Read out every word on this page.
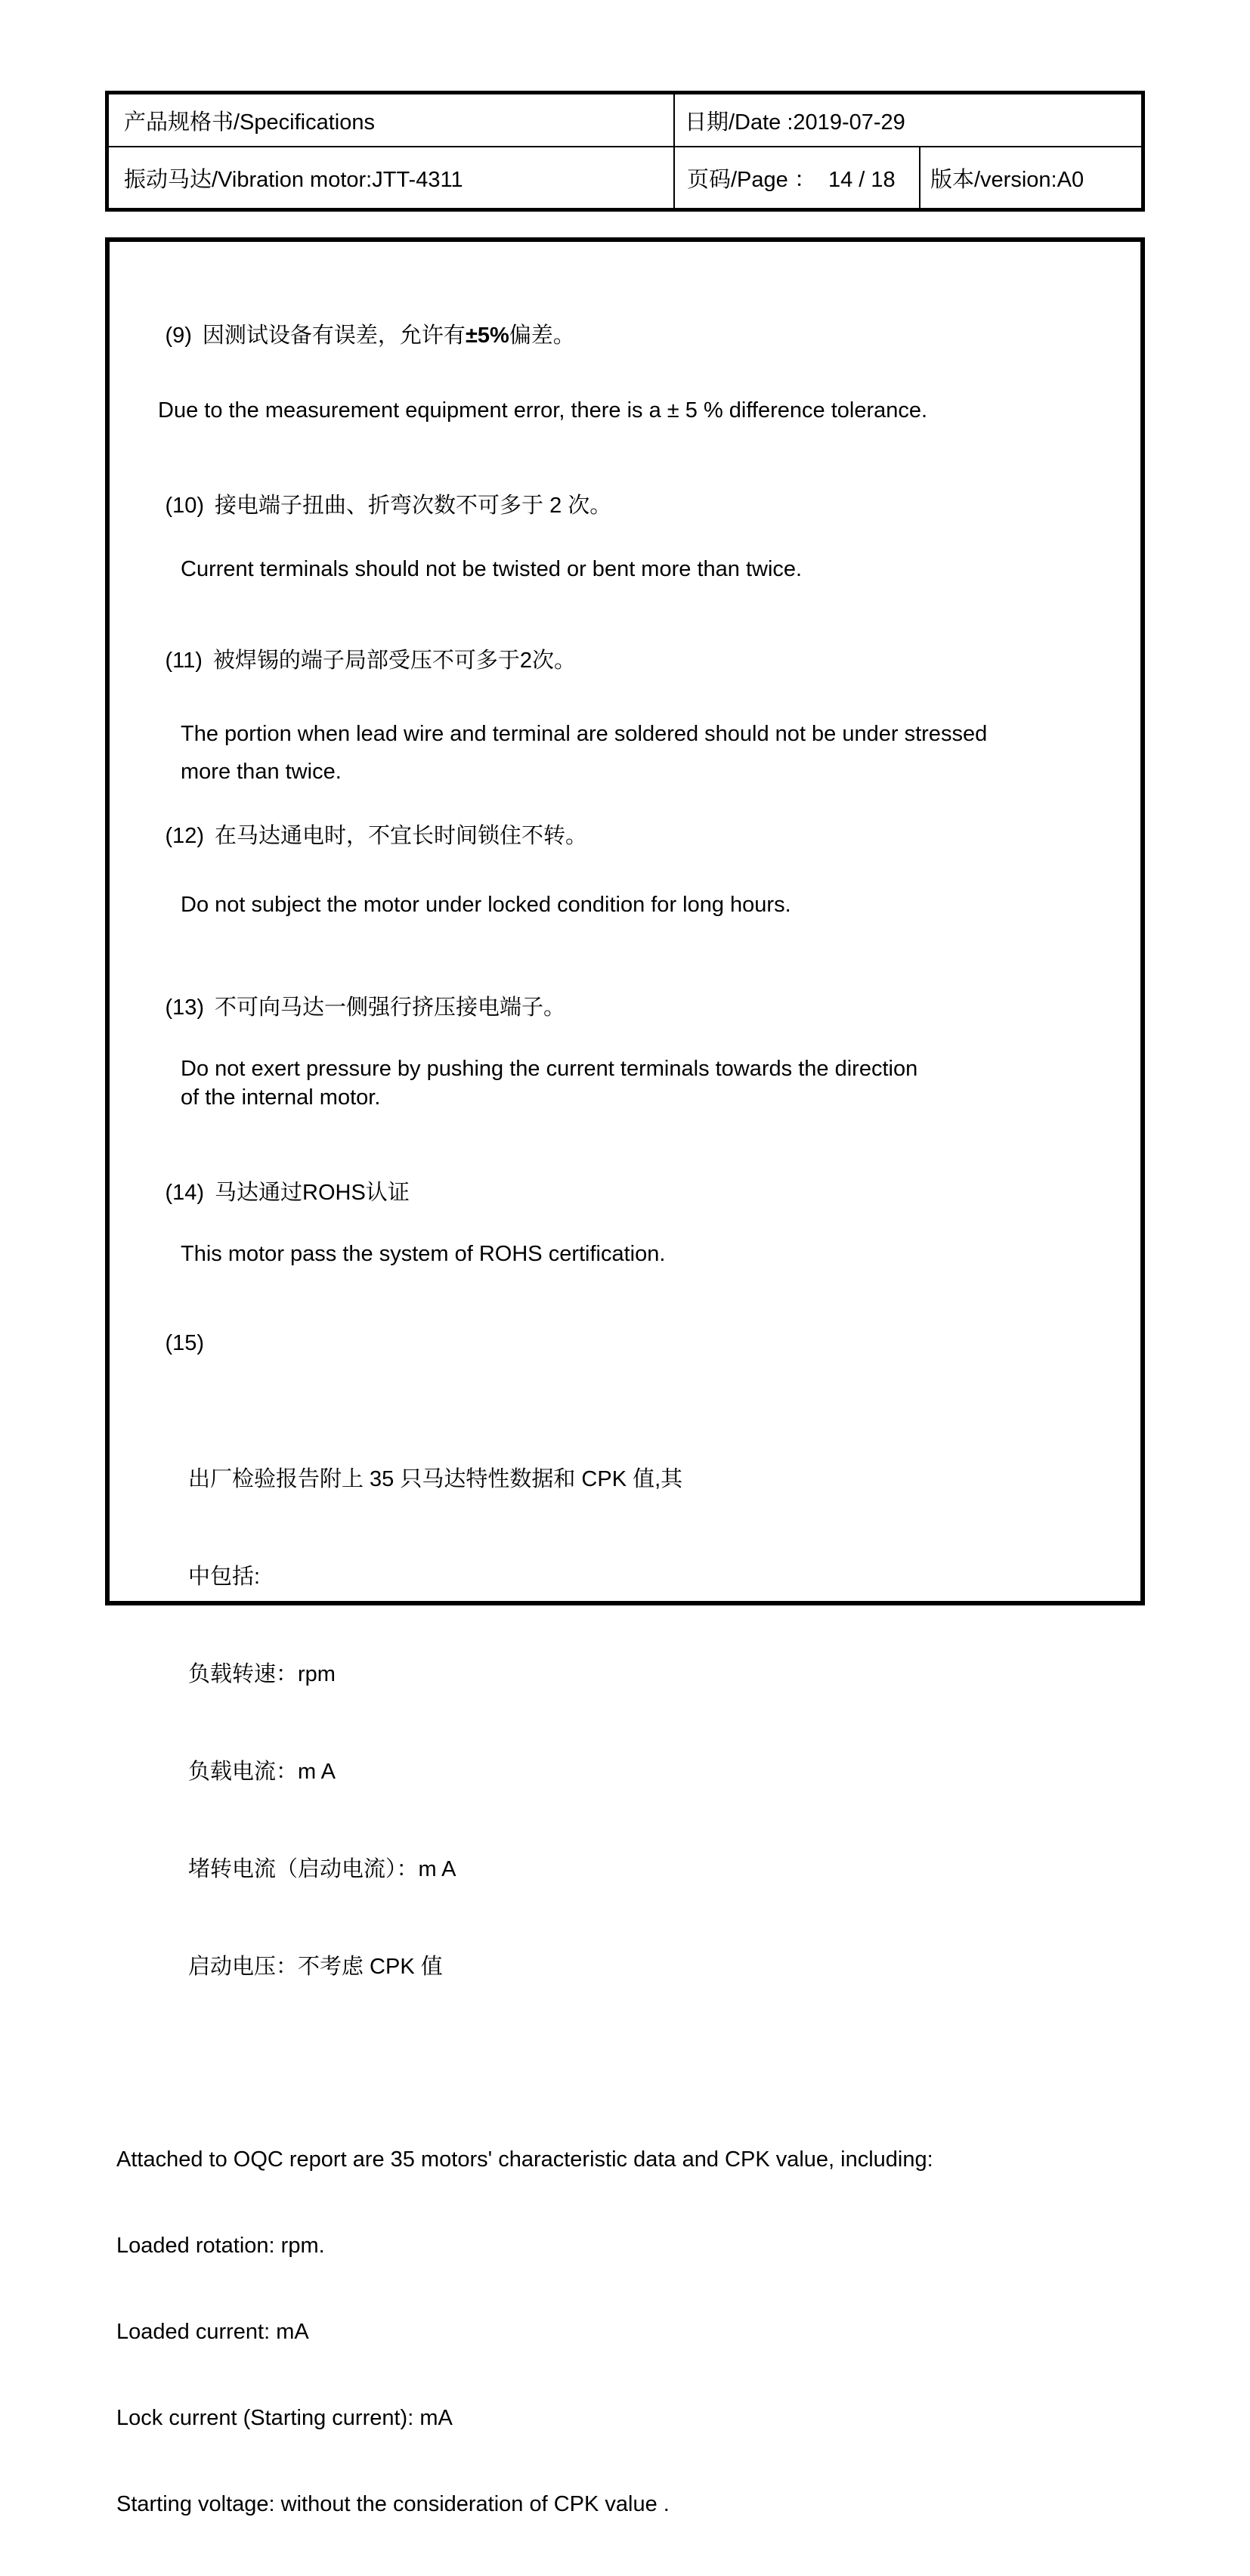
产品规格书/Specifications	日期/Date :2019-07-29
振动马达/Vibration motor:JTT-4311	页码/Page ：  14 / 18 版本/version:A0

(9) 因测试设备有误差，允许有±5%偏差。

Due to the measurement equipment error, there is a ± 5 % difference tolerance.

(10) 接电端子扭曲、折弯次数不可多于 2 次。

Current terminals should not be twisted or bent more than twice.

(11) 被焊锡的端子局部受压不可多于2次。

The portion when lead wire and terminal are soldered should not be under stressed
more than twice.

(12) 在马达通电时，不宜长时间锁住不转。

Do not subject the motor under locked condition for long hours.

(13) 不可向马达一侧强行挤压接电端子。

Do not exert pressure by pushing the current terminals towards the direction
of the internal motor.

(14) 马达通过ROHS认证

This motor pass the system of ROHS certification.

(15)

出厂检验报告附上 35 只马达特性数据和 CPK 值,其

中包括:

负载转速：rpm

负载电流：m A

堵转电流（启动电流）：m A

启动电压：不考虑 CPK 值

Attached to OQC report are 35 motors' characteristic data and CPK value, including:

Loaded rotation: rpm.

Loaded current: mA

Lock current (Starting current): mA

Starting voltage: without the consideration of CPK value .
